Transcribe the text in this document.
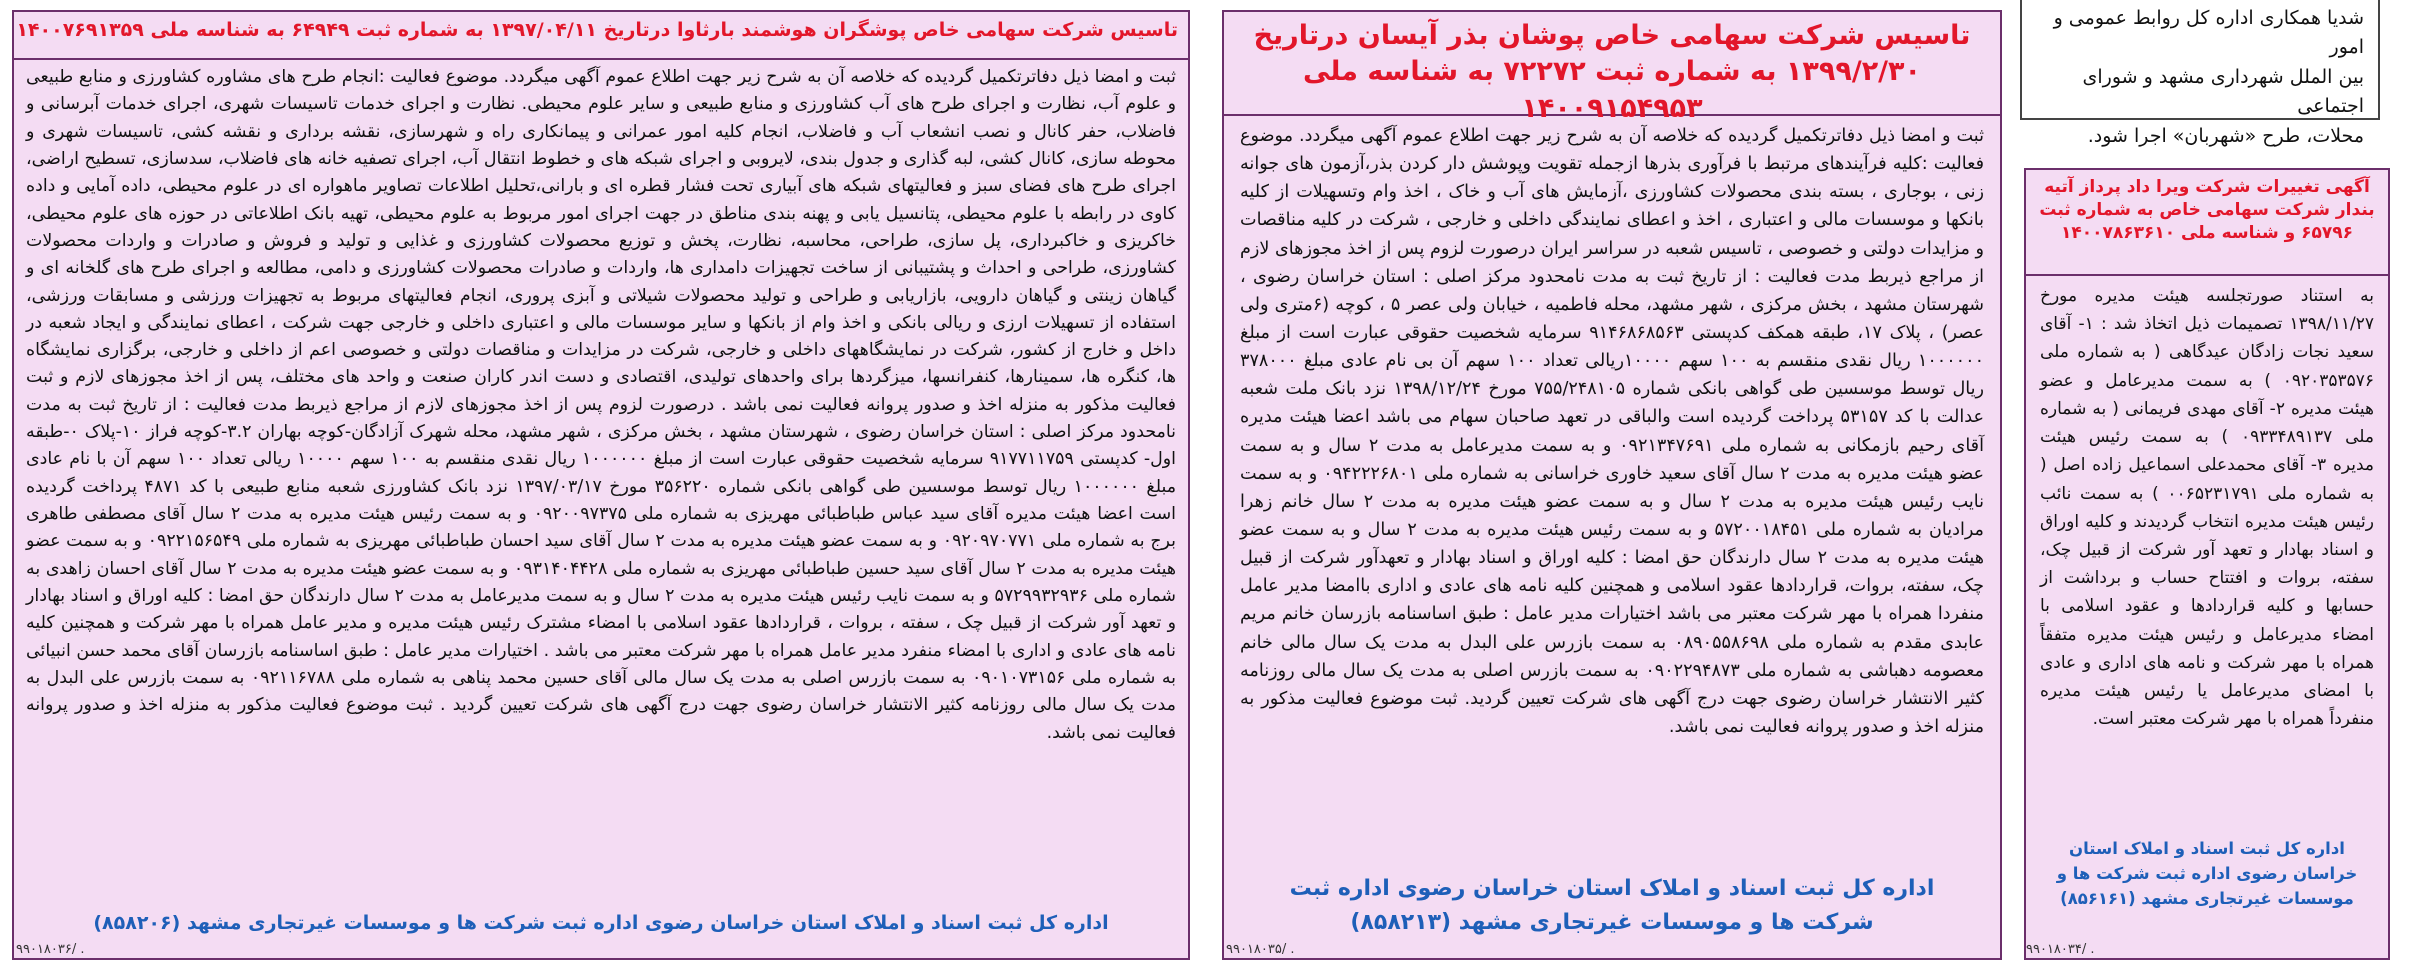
شدیا همکاری اداره کل روابط عمومی و امور
بین الملل شهرداری مشهد و شورای اجتماعی
محلات، طرح «شهربان» اجرا شود.
تاسیس شرکت سهامی خاص پوشگران هوشمند بارثاوا درتاریخ ۱۳۹۷/۰۴/۱۱ به شماره ثبت ۶۴۹۴۹ به شناسه ملی ۱۴۰۰۷۶۹۱۳۵۹
ثبت و امضا ذیل دفاترتکمیل گردیده که خلاصه آن به شرح زیر جهت اطلاع عموم آگهی میگردد. موضوع فعالیت :انجام طرح های مشاوره کشاورزی و منابع طبیعی و علوم آب، نظارت و اجرای طرح های آب کشاورزی و منابع طبیعی و سایر علوم محیطی. نظارت و اجرای خدمات تاسیسات شهری، اجرای خدمات آبرسانی و فاضلاب، حفر کانال و نصب انشعاب آب و فاضلاب، انجام کلیه امور عمرانی و پیمانکاری راه و شهرسازی، نقشه برداری و نقشه کشی، تاسیسات شهری و محوطه سازی، کانال کشی، لبه گذاری و جدول بندی، لایروبی و اجرای شبکه های و خطوط انتقال آب، اجرای تصفیه خانه های فاضلاب، سدسازی، تسطیح اراضی، اجرای طرح های فضای سبز و فعالیتهای شبکه های آبیاری تحت فشار قطره ای و بارانی،تحلیل اطلاعات تصاویر ماهواره ای در علوم محیطی، داده آمایی و داده کاوی در رابطه با علوم محیطی، پتانسیل یابی و پهنه بندی مناطق در جهت اجرای امور مربوط به علوم محیطی، تهیه بانک اطلاعاتی در حوزه های علوم محیطی، خاکریزی و خاکبرداری، پل سازی، طراحی، محاسبه، نظارت، پخش و توزیع محصولات کشاورزی و غذایی و تولید و فروش و صادرات و واردات محصولات کشاورزی، طراحی و احداث و پشتیبانی از ساخت تجهیزات دامداری ها، واردات و صادرات محصولات کشاورزی و دامی، مطالعه و اجرای طرح های گلخانه ای و گیاهان زینتی و گیاهان دارویی، بازاریابی و طراحی و تولید محصولات شیلاتی و آبزی پروری، انجام فعالیتهای مربوط به تجهیزات ورزشی و مسابقات ورزشی، استفاده از تسهیلات ارزی و ریالی بانکی و اخذ وام از بانکها و سایر موسسات مالی و اعتباری داخلی و خارجی جهت شرکت ، اعطای نمایندگی و ایجاد شعبه در داخل و خارج از کشور، شرکت در نمایشگاههای داخلی و خارجی، شرکت در مزایدات و مناقصات دولتی و خصوصی اعم از داخلی و خارجی، برگزاری نمایشگاه ها، کنگره ها، سمینارها، کنفرانسها، میزگردها برای واحدهای تولیدی، اقتصادی و دست اندر کاران صنعت و واحد های مختلف، پس از اخذ مجوزهای لازم و ثبت فعالیت مذکور به منزله اخذ و صدور پروانه فعالیت نمی باشد . درصورت لزوم پس از اخذ مجوزهای لازم از مراجع ذیربط مدت فعالیت : از تاریخ ثبت به مدت نامحدود مرکز اصلی : استان خراسان رضوی ، شهرستان مشهد ، بخش مرکزی ، شهر مشهد، محله شهرک آزادگان-کوچه بهاران ۳.۲-کوچه فراز ۱۰-پلاک ۰-طبقه اول- کدپستی ۹۱۷۷۱۱۷۵۹ سرمایه شخصیت حقوقی عبارت است از مبلغ ۱۰۰۰۰۰۰ ریال نقدی منقسم به ۱۰۰ سهم ۱۰۰۰۰ ریالی تعداد ۱۰۰ سهم آن با نام عادی مبلغ ۱۰۰۰۰۰۰ ریال توسط موسسین طی گواهی بانکی شماره ۳۵۶۲۲۰ مورخ ۱۳۹۷/۰۳/۱۷ نزد بانک کشاورزی شعبه منابع طبیعی با کد ۴۸۷۱ پرداخت گردیده است اعضا هیئت مدیره آقای سید عباس طباطبائی مهریزی به شماره ملی ۰۹۲۰۰۹۷۳۷۵ و به سمت رئیس هیئت مدیره به مدت ۲ سال آقای مصطفی طاهری برج به شماره ملی ۰۹۲۰۹۷۰۷۷۱ و به سمت عضو هیئت مدیره به مدت ۲ سال آقای سید احسان طباطبائی مهریزی به شماره ملی ۰۹۲۲۱۵۶۵۴۹ و به سمت عضو هیئت مدیره به مدت ۲ سال آقای سید حسین طباطبائی مهریزی به شماره ملی ۰۹۳۱۴۰۴۴۲۸ و به سمت عضو هیئت مدیره به مدت ۲ سال آقای احسان زاهدی به شماره ملی ۵۷۲۹۹۳۲۹۳۶ و به سمت نایب رئیس هیئت مدیره به مدت ۲ سال و به سمت مدیرعامل به مدت ۲ سال دارندگان حق امضا : کلیه اوراق و اسناد بهادار و تعهد آور شرکت از قبیل چک ، سفته ، بروات ، قراردادها عقود اسلامی با امضاء مشترک رئیس هیئت مدیره و مدیر عامل همراه با مهر شرکت و همچنین کلیه نامه های عادی و اداری با امضاء منفرد مدیر عامل همراه با مهر شرکت معتبر می باشد . اختیارات مدیر عامل : طبق اساسنامه بازرسان آقای محمد حسن انبیائی به شماره ملی ۰۹۰۱۰۷۳۱۵۶ به سمت بازرس اصلی به مدت یک سال مالی آقای حسین محمد پناهی به شماره ملی ۰۹۲۱۱۶۷۸۸ به سمت بازرس علی البدل به مدت یک سال مالی روزنامه کثیر الانتشار خراسان رضوی جهت درج آگهی های شرکت تعیین گردید . ثبت موضوع فعالیت مذکور به منزله اخذ و صدور پروانه فعالیت نمی باشد.
اداره کل ثبت اسناد و املاک استان خراسان رضوی اداره ثبت شرکت ها و موسسات غیرتجاری مشهد (۸۵۸۲۰۶)
۹۹۰۱۸۰۳۶/ .
تاسیس شرکت سهامی خاص پوشان بذر آیسان درتاریخ ۱۳۹۹/۲/۳۰ به شماره ثبت ۷۲۲۷۲ به شناسه ملی ۱۴۰۰۹۱۵۴۹۵۳
ثبت و امضا ذیل دفاترتکمیل گردیده که خلاصه آن به شرح زیر جهت اطلاع عموم آگهی میگردد. موضوع فعالیت :کلیه فرآیندهای مرتبط با فرآوری بذرها ازجمله تقویت وپوشش دار کردن بذر،آزمون های جوانه زنی ، بوجاری ، بسته بندی محصولات کشاورزی ،آزمایش های آب و خاک ، اخذ وام وتسهیلات از کلیه بانکها و موسسات مالی و اعتباری ، اخذ و اعطای نمایندگی داخلی و خارجی ، شرکت در کلیه مناقصات و مزایدات دولتی و خصوصی ، تاسیس شعبه در سراسر ایران درصورت لزوم پس از اخذ مجوزهای لازم از مراجع ذیربط مدت فعالیت : از تاریخ ثبت به مدت نامحدود مرکز اصلی : استان خراسان رضوی ، شهرستان مشهد ، بخش مرکزی ، شهر مشهد، محله فاطمیه ، خیابان ولی عصر ۵ ، کوچه (۶متری ولی عصر) ، پلاک ۱۷، طبقه همکف کدپستی ۹۱۴۶۸۶۸۵۶۳ سرمایه شخصیت حقوقی عبارت است از مبلغ ۱۰۰۰۰۰۰ ریال نقدی منقسم به ۱۰۰ سهم ۱۰۰۰۰ریالی تعداد ۱۰۰ سهم آن بی نام عادی مبلغ ۳۷۸۰۰۰ ریال توسط موسسین طی گواهی بانکی شماره ۷۵۵/۲۴۸۱۰۵ مورخ ۱۳۹۸/۱۲/۲۴ نزد بانک ملت شعبه عدالت با کد ۵۳۱۵۷ پرداخت گردیده است والباقی در تعهد صاحبان سهام می باشد اعضا هیئت مدیره آقای رحیم بازمکانی به شماره ملی ۰۹۲۱۳۴۷۶۹۱ و به سمت مدیرعامل به مدت ۲ سال و به سمت عضو هیئت مدیره به مدت ۲ سال آقای سعید خاوری خراسانی به شماره ملی ۰۹۴۲۲۲۶۸۰۱ و به سمت نایب رئیس هیئت مدیره به مدت ۲ سال و به سمت عضو هیئت مدیره به مدت ۲ سال خانم زهرا مرادیان به شماره ملی ۵۷۲۰۰۱۸۴۵۱ و به سمت رئیس هیئت مدیره به مدت ۲ سال و به سمت عضو هیئت مدیره به مدت ۲ سال دارندگان حق امضا : کلیه اوراق و اسناد بهادار و تعهدآور شرکت از قبیل چک، سفته، بروات، قراردادها عقود اسلامی و همچنین کلیه نامه های عادی و اداری باامضا مدیر عامل منفردا همراه با مهر شرکت معتبر می باشد اختیارات مدیر عامل : طبق اساسنامه بازرسان خانم مریم عابدی مقدم به شماره ملی ۰۸۹۰۵۵۸۶۹۸ به سمت بازرس علی البدل به مدت یک سال مالی خانم معصومه دهباشی به شماره ملی ۰۹۰۲۲۹۴۸۷۳ به سمت بازرس اصلی به مدت یک سال مالی روزنامه کثیر الانتشار خراسان رضوی جهت درج آگهی های شرکت تعیین گردید. ثبت موضوع فعالیت مذکور به منزله اخذ و صدور پروانه فعالیت نمی باشد.
اداره کل ثبت اسناد و املاک استان خراسان رضوی اداره ثبت شرکت ها و موسسات غیرتجاری مشهد (۸۵۸۲۱۳)
۹۹۰۱۸۰۳۵/ .
آگهی تغییرات شرکت ویرا داد پرداز آتیه بندار شرکت سهامی خاص به شماره ثبت ۶۵۷۹۶ و شناسه ملی ۱۴۰۰۷۸۶۳۶۱۰
به استناد صورتجلسه هیئت مدیره مورخ ۱۳۹۸/۱۱/۲۷ تصمیمات ذیل اتخاذ شد : ۱- آقای سعید نجات زادگان عیدگاهی ( به شماره ملی ۰۹۲۰۳۵۳۵۷۶ ) به سمت مدیرعامل و عضو هیئت مدیره ۲- آقای مهدی فریمانی ( به شماره ملی ۰۹۳۳۴۸۹۱۳۷ ) به سمت رئیس هیئت مدیره ۳- آقای محمدعلی اسماعیل زاده اصل ( به شماره ملی ۰۰۶۵۲۳۱۷۹۱ ) به سمت نائب رئیس هیئت مدیره انتخاب گردیدند و کلیه اوراق و اسناد بهادار و تعهد آور شرکت از قبیل چک، سفته، بروات و افتتاح حساب و برداشت از حسابها و کلیه قراردادها و عقود اسلامی با امضاء مدیرعامل و رئیس هیئت مدیره متفقاً همراه با مهر شرکت و نامه های اداری و عادی با امضای مدیرعامل یا رئیس هیئت مدیره منفرداً همراه با مهر شرکت معتبر است.
اداره کل ثبت اسناد و املاک استان خراسان رضوی اداره ثبت شرکت ها و موسسات غیرتجاری مشهد (۸۵۶۱۶۱)
۹۹۰۱۸۰۳۴/ .
